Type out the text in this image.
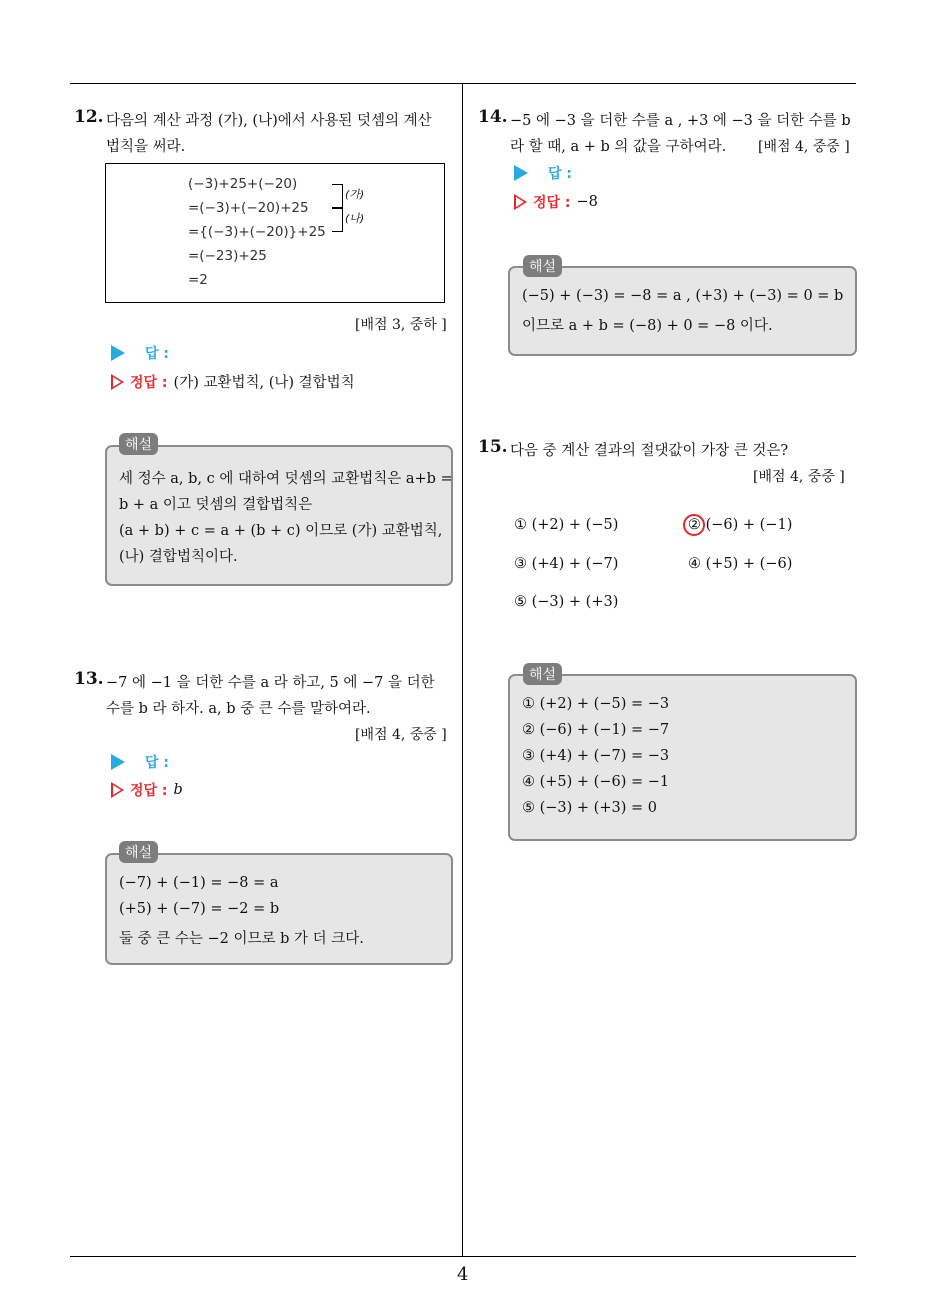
12. 다음의 계산 과정 (가), (나)에서 사용된 덧셈의 계산
법칙을 써라.
(−3)+25+(−20)
=(−3)+(−20)+25
={(−3)+(−20)}+25
=(−23)+25
=2
(가)
(나)
[배점 3, 중하 ]
답 :
정답 : (가) 교환법칙, (나) 결합법칙
세 정수 a, b, c 에 대하여 덧셈의 교환법칙은 a+b =
b + a 이고 덧셈의 결합법칙은
(a + b) + c = a + (b + c) 이므로 (가) 교환법칙,
(나) 결합법칙이다.
해설
13. −7 에 −1 을 더한 수를 a 라 하고, 5 에 −7 을 더한
수를 b 라 하자. a, b 중 큰 수를 말하여라.
[배점 4, 중중 ]
답 :
정답 : b
(−7) + (−1) = −8 = a
(+5) + (−7) = −2 = b
둘 중 큰 수는 −2 이므로 b 가 더 크다.
해설
14. −5 에 −3 을 더한 수를 a , +3 에 −3 을 더한 수를 b
라 할 때, a + b 의 값을 구하여라. [배점 4, 중중 ]
답 :
정답 : −8
(−5) + (−3) = −8 = a , (+3) + (−3) = 0 = b
이므로 a + b = (−8) + 0 = −8 이다.
해설
15. 다음 중 계산 결과의 절댓값이 가장 큰 것은?
[배점 4, 중중 ]
① (+2) + (−5)	② (−6) + (−1)
③ (+4) + (−7)	④ (+5) + (−6)
⑤ (−3) + (+3)
① (+2) + (−5) = −3
② (−6) + (−1) = −7
③ (+4) + (−7) = −3
④ (+5) + (−6) = −1
⑤ (−3) + (+3) = 0
해설
4
